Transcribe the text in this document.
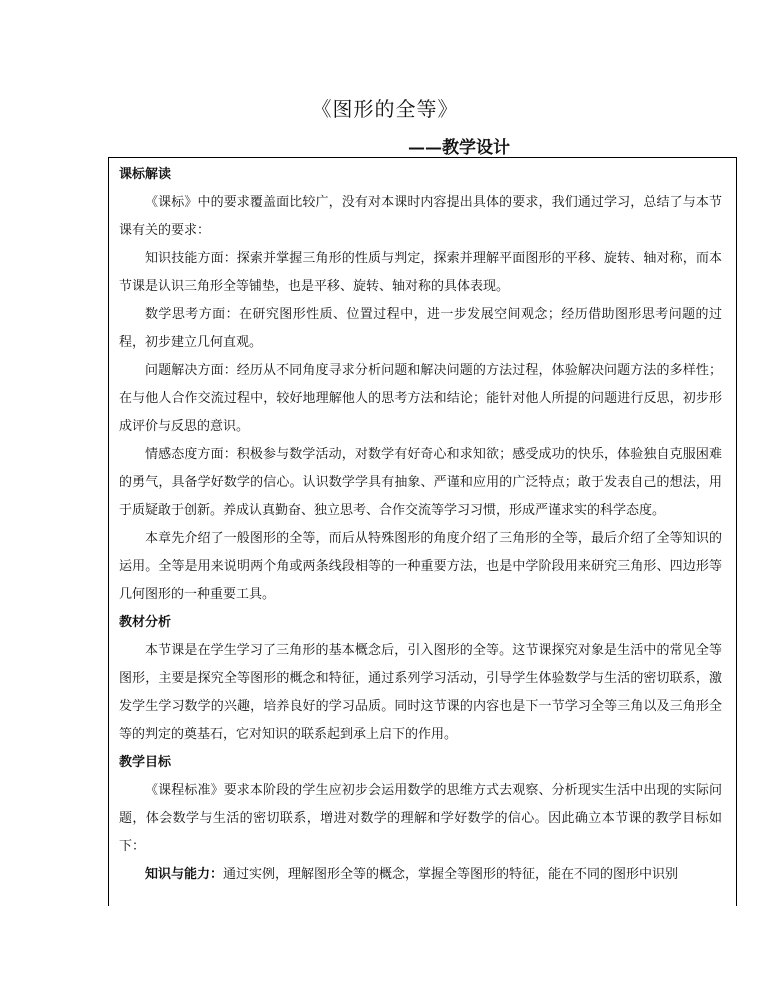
《图形的全等》
——教学设计

课标解读

《课标》中的要求覆盖面比较广，没有对本课时内容提出具体的要求，我们通过学习，总结了与本节课有关的要求：

知识技能方面：探索并掌握三角形的性质与判定，探索并理解平面图形的平移、旋转、轴对称，而本节课是认识三角形全等铺垫，也是平移、旋转、轴对称的具体表现。

数学思考方面：在研究图形性质、位置过程中，进一步发展空间观念；经历借助图形思考问题的过程，初步建立几何直观。

问题解决方面：经历从不同角度寻求分析问题和解决问题的方法过程，体验解决问题方法的多样性；在与他人合作交流过程中，较好地理解他人的思考方法和结论；能针对他人所提的问题进行反思，初步形成评价与反思的意识。

情感态度方面：积极参与数学活动，对数学有好奇心和求知欲；感受成功的快乐，体验独自克服困难的勇气，具备学好数学的信心。认识数学学具有抽象、严谨和应用的广泛特点；敢于发表自己的想法，用于质疑敢于创新。养成认真勤奋、独立思考、合作交流等学习习惯，形成严谨求实的科学态度。

本章先介绍了一般图形的全等，而后从特殊图形的角度介绍了三角形的全等，最后介绍了全等知识的运用。全等是用来说明两个角或两条线段相等的一种重要方法，也是中学阶段用来研究三角形、四边形等几何图形的一种重要工具。

教材分析

本节课是在学生学习了三角形的基本概念后，引入图形的全等。这节课探究对象是生活中的常见全等图形，主要是探究全等图形的概念和特征，通过系列学习活动，引导学生体验数学与生活的密切联系，激发学生学习数学的兴趣，培养良好的学习品质。同时这节课的内容也是下一节学习全等三角以及三角形全等的判定的奠基石，它对知识的联系起到承上启下的作用。

教学目标

《课程标准》要求本阶段的学生应初步会运用数学的思维方式去观察、分析现实生活中出现的实际问题，体会数学与生活的密切联系，增进对数学的理解和学好数学的信心。因此确立本节课的教学目标如下：

知识与能力：通过实例，理解图形全等的概念，掌握全等图形的特征，能在不同的图形中识别
